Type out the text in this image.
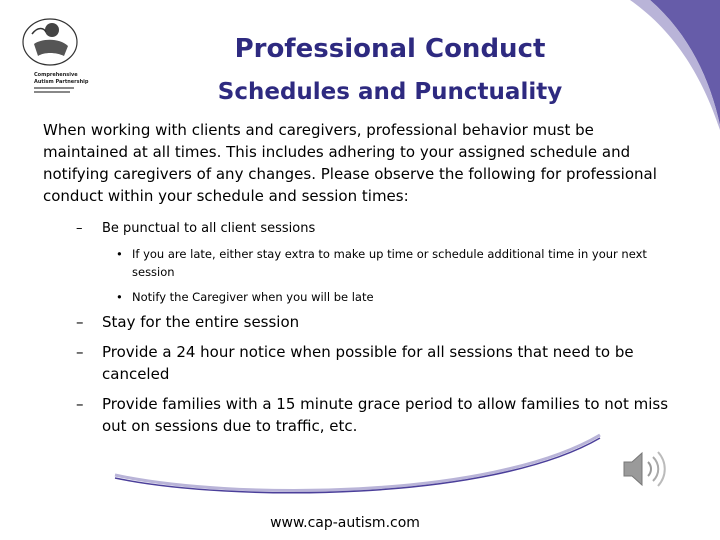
Comprehensive
Autism Partnership
Professional Conduct
Schedules and Punctuality
When working with clients and caregivers, professional behavior must be maintained at all times. This includes adhering to your assigned schedule and notifying caregivers of any changes. Please observe the following for professional conduct within your schedule and session times:
– Be punctual to all client sessions
• If you are late, either stay extra to make up time or schedule additional time in your next session
• Notify the Caregiver when you will be late
– Stay for the entire session
– Provide a 24 hour notice when possible for all sessions that need to be canceled
– Provide families with a 15 minute grace period to allow families to not miss out on sessions due to traffic, etc.
www.cap-autism.com
